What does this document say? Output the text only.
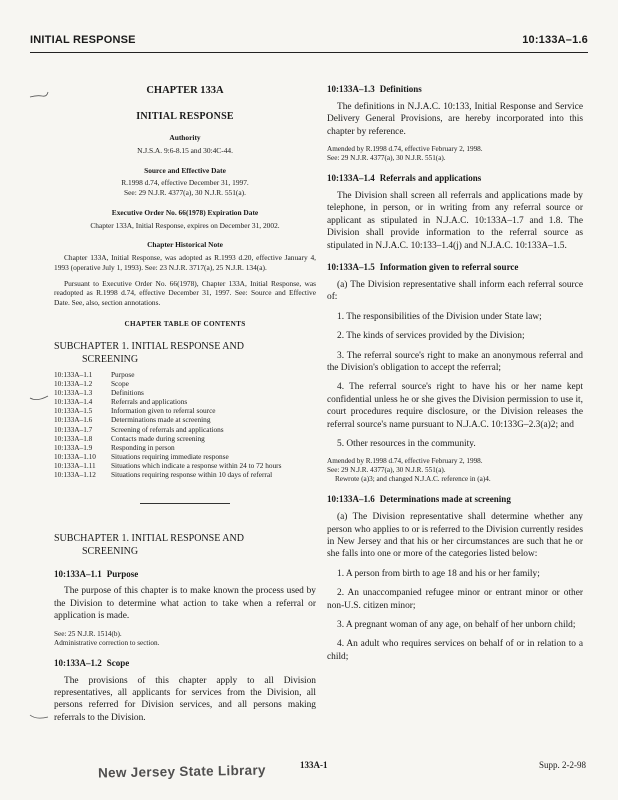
INITIAL RESPONSE	10:133A–1.6
CHAPTER 133A
INITIAL RESPONSE
Authority
N.J.S.A. 9:6-8.15 and 30:4C-44.
Source and Effective Date
R.1998 d.74, effective December 31, 1997.
See: 29 N.J.R. 4377(a), 30 N.J.R. 551(a).
Executive Order No. 66(1978) Expiration Date
Chapter 133A, Initial Response, expires on December 31, 2002.
Chapter Historical Note

Chapter 133A, Initial Response, was adopted as R.1993 d.20, effective January 4, 1993 (operative July 1, 1993). See: 23 N.J.R. 3717(a), 25 N.J.R. 134(a).

Pursuant to Executive Order No. 66(1978), Chapter 133A, Initial Response, was readopted as R.1998 d.74, effective December 31, 1997. See: Source and Effective Date. See, also, section annotations.

CHAPTER TABLE OF CONTENTS
SUBCHAPTER 1. INITIAL RESPONSE AND
SCREENING
10:133A–1.1	Purpose
10:133A–1.2	Scope
10:133A–1.3	Definitions
10:133A–1.4	Referrals and applications
10:133A–1.5	Information given to referral source
10:133A–1.6	Determinations made at screening
10:133A–1.7	Screening of referrals and applications
10:133A–1.8	Contacts made during screening
10:133A–1.9	Responding in person
10:133A–1.10	Situations requiring immediate response
10:133A–1.11	Situations which indicate a response within 24 to 72 hours
10:133A–1.12	Situations requiring response within 10 days of referral
SUBCHAPTER 1. INITIAL RESPONSE AND
SCREENING
10:133A–1.1 Purpose

The purpose of this chapter is to make known the process used by the Division to determine what action to take when a referral or application is made.

See: 25 N.J.R. 1514(b).
Administrative correction to section.
10:133A–1.2 Scope

The provisions of this chapter apply to all Division representatives, all applicants for services from the Division, all persons referred for Division services, and all persons making referrals to the Division.

10:133A–1.3 Definitions

The definitions in N.J.A.C. 10:133, Initial Response and Service Delivery General Provisions, are hereby incorporated into this chapter by reference.

Amended by R.1998 d.74, effective February 2, 1998.
See: 29 N.J.R. 4377(a), 30 N.J.R. 551(a).
10:133A–1.4 Referrals and applications

The Division shall screen all referrals and applications made by telephone, in person, or in writing from any referral source or applicant as stipulated in N.J.A.C. 10:133A–1.7 and 1.8. The Division shall provide information to the referral source as stipulated in N.J.A.C. 10:133–1.4(j) and N.J.A.C. 10:133A–1.5.

10:133A–1.5 Information given to referral source

(a) The Division representative shall inform each referral source of:

1. The responsibilities of the Division under State law;

2. The kinds of services provided by the Division;

3. The referral source's right to make an anonymous referral and the Division's obligation to accept the referral;

4. The referral source's right to have his or her name kept confidential unless he or she gives the Division permission to use it, court procedures require disclosure, or the Division releases the referral source's name pursuant to N.J.A.C. 10:133G–2.3(a)2; and

5. Other resources in the community.

Amended by R.1998 d.74, effective February 2, 1998.
See: 29 N.J.R. 4377(a), 30 N.J.R. 551(a).
Rewrote (a)3; and changed N.J.A.C. reference in (a)4.
10:133A–1.6 Determinations made at screening

(a) The Division representative shall determine whether any person who applies to or is referred to the Division currently resides in New Jersey and that his or her circumstances are such that he or she falls into one or more of the categories listed below:

1. A person from birth to age 18 and his or her family;

2. An unaccompanied refugee minor or entrant minor or other non-U.S. citizen minor;

3. A pregnant woman of any age, on behalf of her unborn child;

4. An adult who requires services on behalf of or in relation to a child;

133A-1	Supp. 2-2-98
New Jersey State Library
